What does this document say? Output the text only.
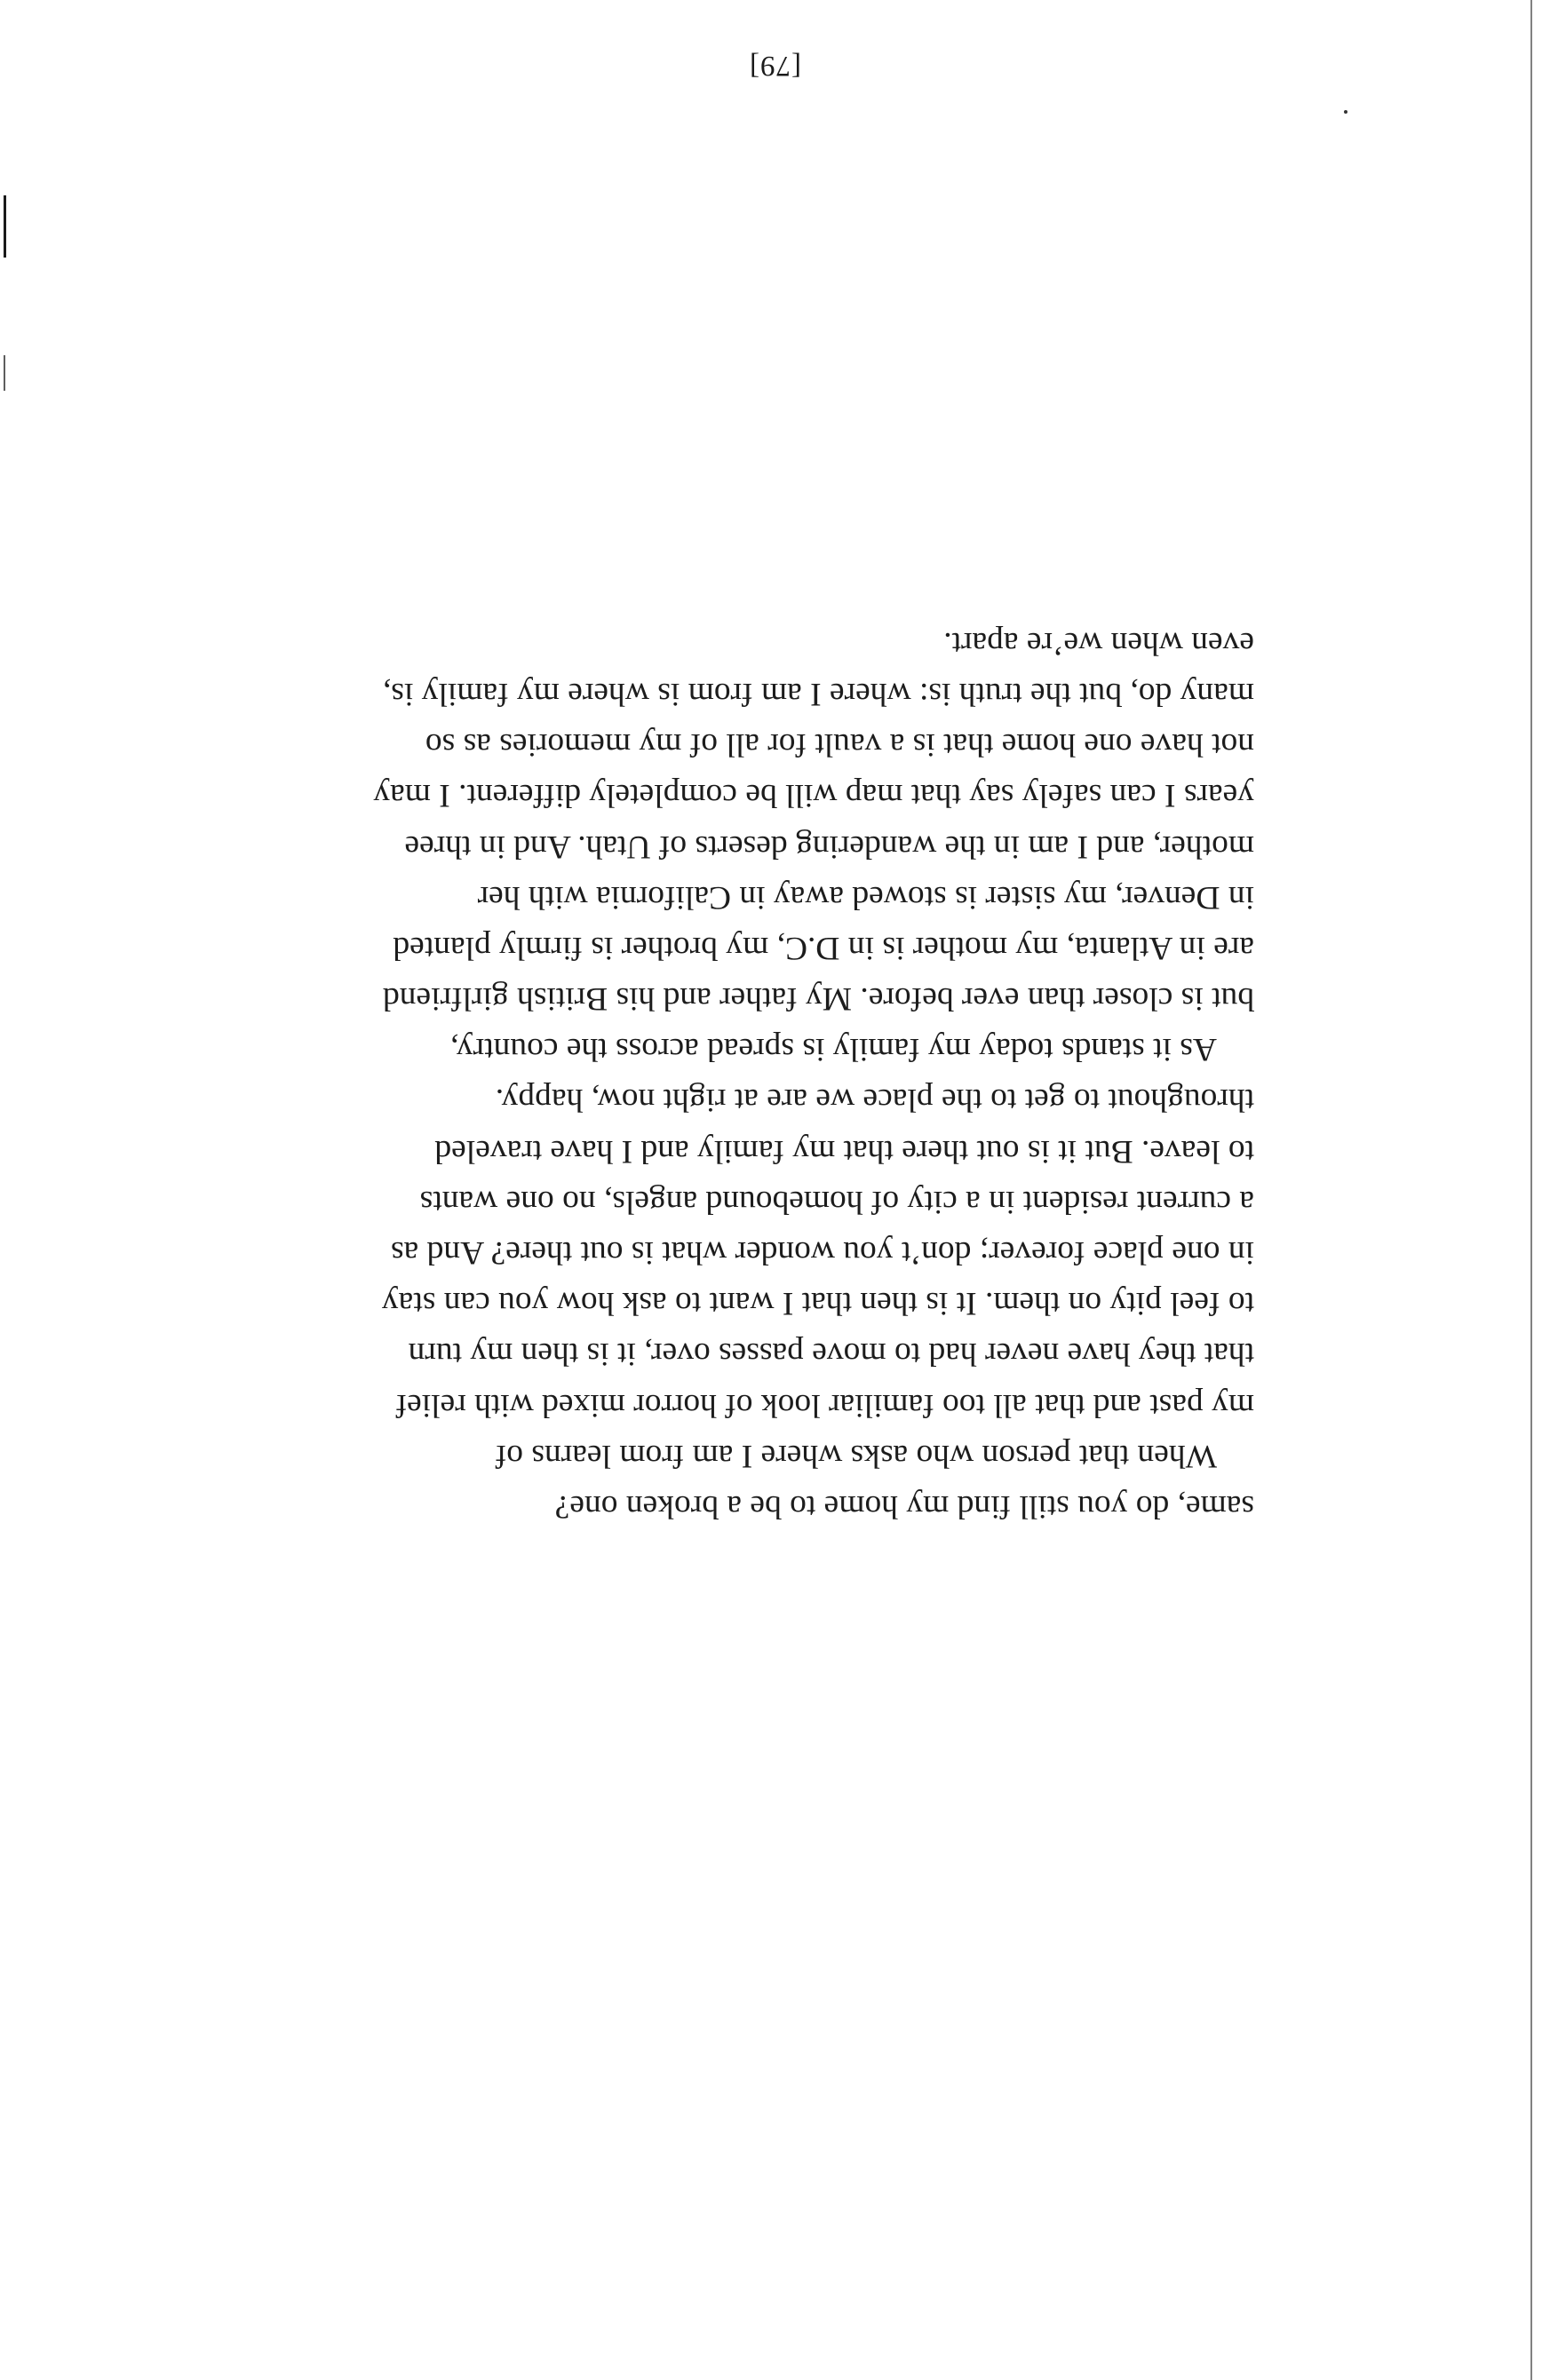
same, do you still find my home to be a broken one?
When that person who asks where I am from learns of
my past and that all too familiar look of horror mixed with relief
that they have never had to move passes over, it is then my turn
to feel pity on them. It is then that I want to ask how you can stay
in one place forever; don’t you wonder what is out there? And as
a current resident in a city of homebound angels, no one wants
to leave. But it is out there that my family and I have traveled
throughout to get to the place we are at right now, happy.
As it stands today my family is spread across the country,
but is closer than ever before. My father and his British girlfriend
are in Atlanta, my mother is in D.C, my brother is firmly planted
in Denver, my sister is stowed away in California with her
mother, and I am in the wandering deserts of Utah. And in three
years I can safely say that map will be completely different. I may
not have one home that is a vault for all of my memories as so
many do, but the truth is: where I am from is where my family is,
even when we’re apart.
[79]
